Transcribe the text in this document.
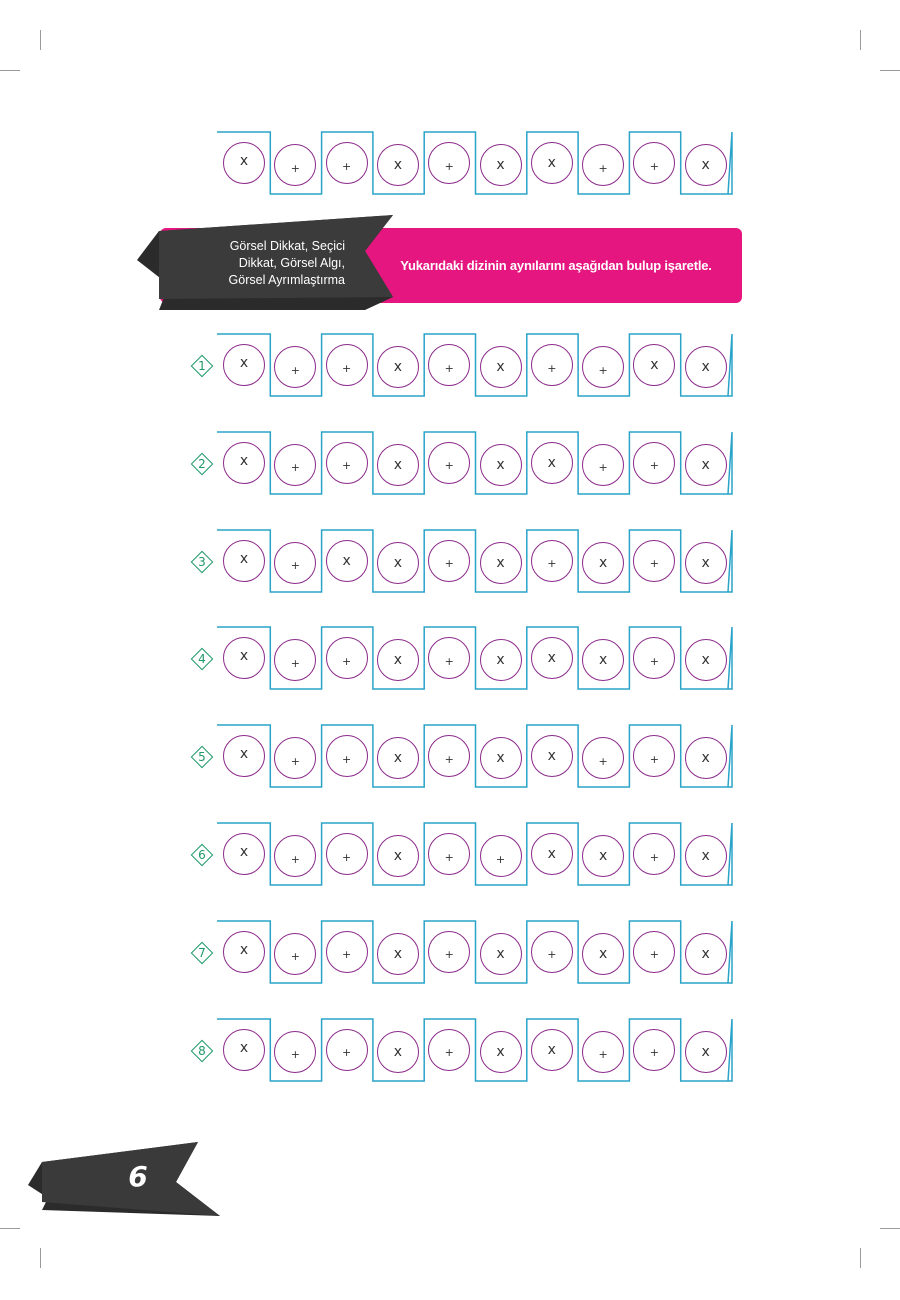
x	+	+	x	+	x	x	+	+	x
Yukarıdaki dizinin aynılarını aşağıdan bulup işaretle.
Görsel Dikkat, Seçici
Dikkat, Görsel Algı,
Görsel Ayrımlaştırma
x	+	+	x	+	x	+	+	x	x
1
x	+	+	x	+	x	x	+	+	x
2
x	+	x	x	+	x	+	x	+	x
3
x	+	+	x	+	x	x	x	+	x
4
x	+	+	x	+	x	x	+	+	x
5
x	+	+	x	+	+	x	x	+	x
6
x	+	+	x	+	x	+	x	+	x
7
x	+	+	x	+	x	x	+	+	x
8
6
